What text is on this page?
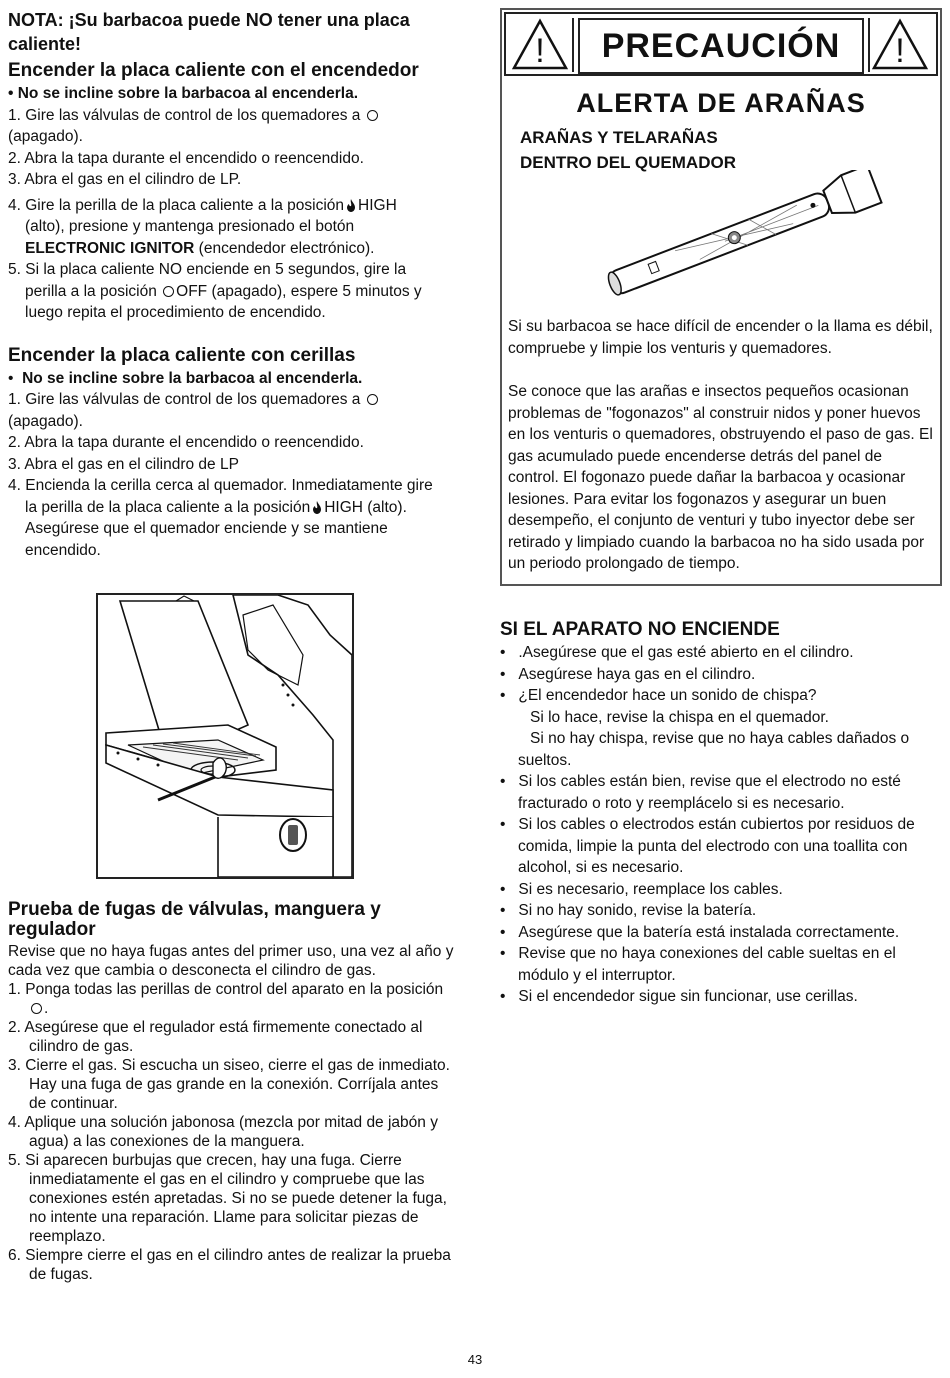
NOTA: ¡Su barbacoa puede NO tener una placa

caliente!

Encender la placa caliente con el encendedor

• No se incline sobre la barbacoa al encenderla.

1. Gire las válvulas de control de los quemadores a

(apagado).

2. Abra la tapa durante el encendido o reencendido.

3. Abra el gas en el cilindro de LP.

4. Gire la perilla de la placa caliente a la posición HIGH

(alto), presione y mantenga presionado el botón

ELECTRONIC IGNITOR (encendedor electrónico).

5. Si la placa caliente NO enciende en 5 segundos, gire la

perilla a la posición OFF (apagado), espere 5 minutos y

luego repita el procedimiento de encendido.

Encender la placa caliente con cerillas

• No se incline sobre la barbacoa al encenderla.

1. Gire las válvulas de control de los quemadores a

(apagado).

2. Abra la tapa durante el encendido o reencendido.

3. Abra el gas en el cilindro de LP

4. Encienda la cerilla cerca al quemador. Inmediatamente gire

la perilla de la placa caliente a la posición HIGH (alto).

Asegúrese que el quemador enciende y se mantiene

encendido.

!	PRECAUCIÓN	!
ALERTA DE ARAÑAS
ARAÑAS Y TELARAÑAS
DENTRO DEL QUEMADOR
Si su barbacoa se hace difícil de encender o la llama es débil, compruebe y limpie los venturis y quemadores.
Se conoce que las arañas e insectos pequeños ocasionan problemas de "fogonazos" al construir nidos y poner huevos en los venturis o quemadores, obstruyendo el paso de gas. El gas acumulado puede encenderse detrás del panel de control. El fogonazo puede dañar la barbacoa y ocasionar lesiones. Para evitar los fogonazos y asegurar un buen desempeño, el conjunto de venturi y tubo inyector debe ser retirado y limpiado cuando la barbacoa no ha sido usada por un periodo prolongado de tiempo.

Prueba de fugas de válvulas, manguera y

regulador

Revise que no haya fugas antes del primer uso, una vez al año y cada vez que cambia o desconecta el cilindro de gas.

1. Ponga todas las perillas de control del aparato en la posición .

2. Asegúrese que el regulador está firmemente conectado al cilindro de gas.

3. Cierre el gas. Si escucha un siseo, cierre el gas de inmediato. Hay una fuga de gas grande en la conexión. Corríjala antes de continuar.

4. Aplique una solución jabonosa (mezcla por mitad de jabón y agua) a las conexiones de la manguera.

5. Si aparecen burbujas que crecen, hay una fuga. Cierre inmediatamente el gas en el cilindro y compruebe que las conexiones estén apretadas. Si no se puede detener la fuga, no intente una reparación. Llame para solicitar piezas de reemplazo.

6. Siempre cierre el gas en el cilindro antes de realizar la prueba de fugas.

SI EL APARATO NO ENCIENDE

• .Asegúrese que el gas esté abierto en el cilindro.

• Asegúrese haya gas en el cilindro.

• ¿El encendedor hace un sonido de chispa?

Si lo hace, revise la chispa en el quemador.

Si no hay chispa, revise que no haya cables dañados o sueltos.

• Si los cables están bien, revise que el electrodo no esté fracturado o roto y reemplácelo si es necesario.

• Si los cables o electrodos están cubiertos por residuos de comida, limpie la punta del electrodo con una toallita con alcohol, si es necesario.

• Si es necesario, reemplace los cables.

• Si no hay sonido, revise la batería.

• Asegúrese que la batería está instalada correctamente.

• Revise que no haya conexiones del cable sueltas en el módulo y el interruptor.

• Si el encendedor sigue sin funcionar, use cerillas.

43
